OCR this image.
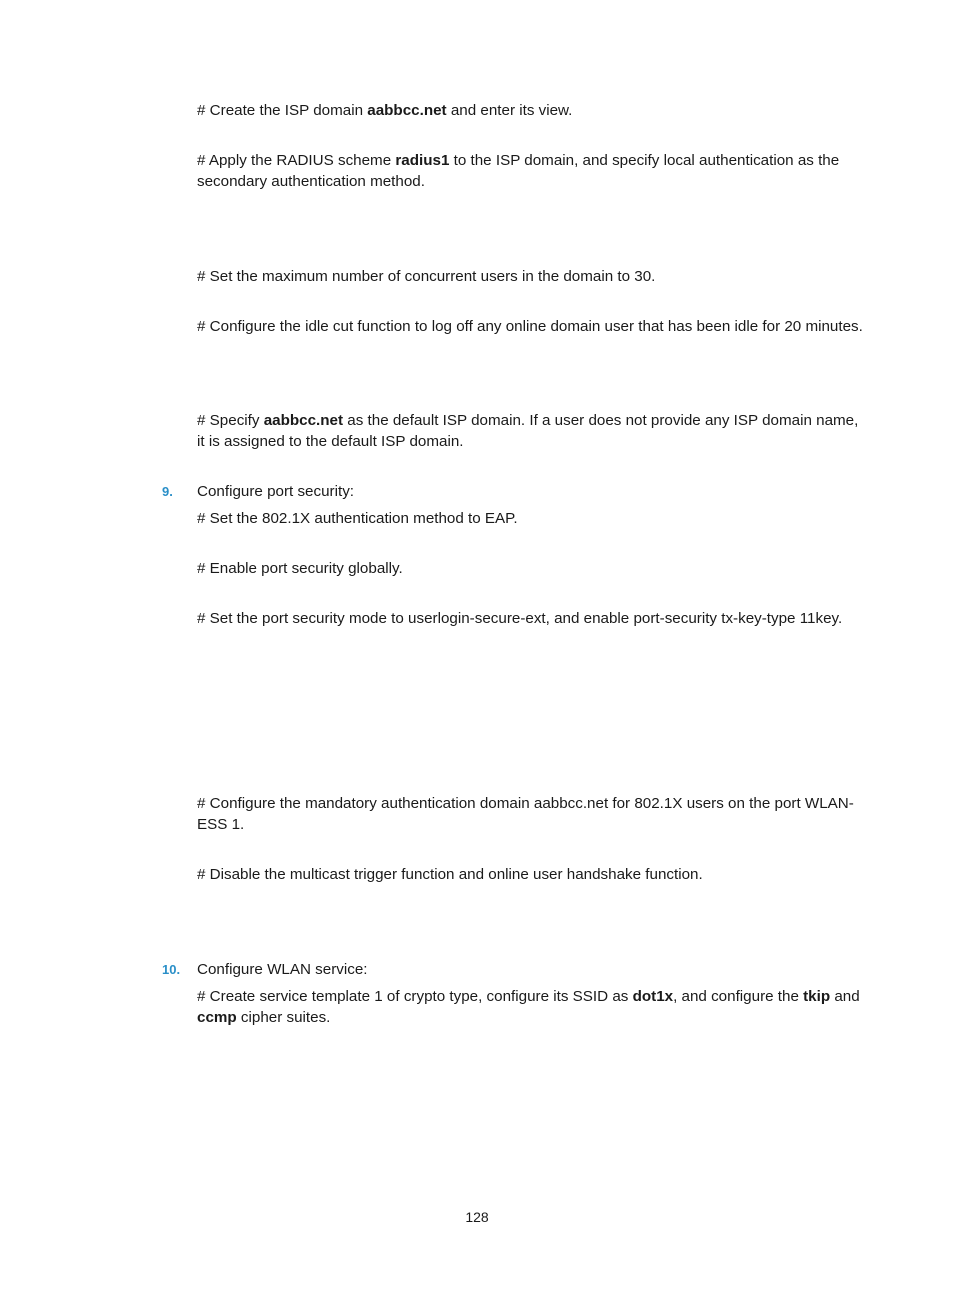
# Create the ISP domain aabbcc.net and enter its view.

# Apply the RADIUS scheme radius1 to the ISP domain, and specify local authentication as the secondary authentication method.

# Set the maximum number of concurrent users in the domain to 30.

# Configure the idle cut function to log off any online domain user that has been idle for 20 minutes.

# Specify aabbcc.net as the default ISP domain. If a user does not provide any ISP domain name, it is assigned to the default ISP domain.

9. Configure port security:

# Set the 802.1X authentication method to EAP.

# Enable port security globally.

# Set the port security mode to userlogin-secure-ext, and enable port-security tx-key-type 11key.

# Configure the mandatory authentication domain aabbcc.net for 802.1X users on the port WLAN-ESS 1.

# Disable the multicast trigger function and online user handshake function.

10. Configure WLAN service:

# Create service template 1 of crypto type, configure its SSID as dot1x, and configure the tkip and ccmp cipher suites.

128
